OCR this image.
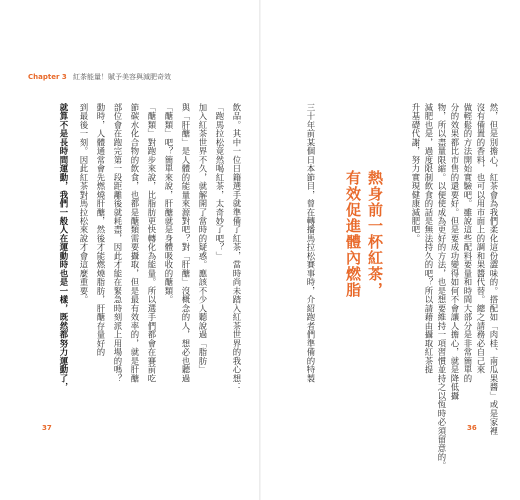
Chapter 3 紅茶能量！賦予美容與減肥奇效
然，但是別擔心，紅茶會為我們柔化這份澀味的。搭配如「肉桂、南瓜果醬」或是家裡
沒有備置的香料，也可以用市面上的調和果醬代替。總之請務必自己來
做輕鬆的方法開始實驗吧。雖說這些配料要量和時間大部分是非常簡單的
分的效果都比市售的還要好。但是要成功變得如何不會讓人擔心，就是降低攝
物，所以盡量限縮。以便使成為更好的方法，也是想要維持一項習慣並持之以恆時必須留意的。
減肥也是，過度限制飲食的話是無法持久的吧？所以請藉由攝取紅茶提
升基礎代謝，努力實現健康減肥吧。
熱身前一杯紅茶，
有效促進體內燃脂
三十年前某個日本節目，曾在轉播馬拉松賽事時，介紹跑者們準備的特製
飲品。其中一位日籍選手就準備了紅茶，當時尚未踏入紅茶世界的我心想：
「跑馬拉松竟然喝紅茶，太奇妙了吧？」
加入紅茶世界不久，就解開了當時的疑惑。應該不少人聽說過「脂肪」
與「肝醣」是人體的能量來源對吧？對「肝醣」沒概念的人，想必也聽過
「醣類」吧？簡單來說，肝醣就是身體吸收的醣類。
「醣類」對跑步來說，比脂肪更快轉化為能量。所以選手們都會在賽前吃
節碳水化合物的飲食，也都是醣類需要攝取，但是最有效率的，就是肝醣
部位會在跑完第一段距離後就耗盡，因此才能在緊急時刻派上用場的嗎？
動時，人體通常會先燃燒肝醣，然後才能燃燒脂肪，肝醣存量好的
到最後一刻。因此紅茶對馬拉松來說才會這麼重要。
就算不是長時間運動，我們一般人在運動時也是一樣，既然都努力運動了，
37	36
